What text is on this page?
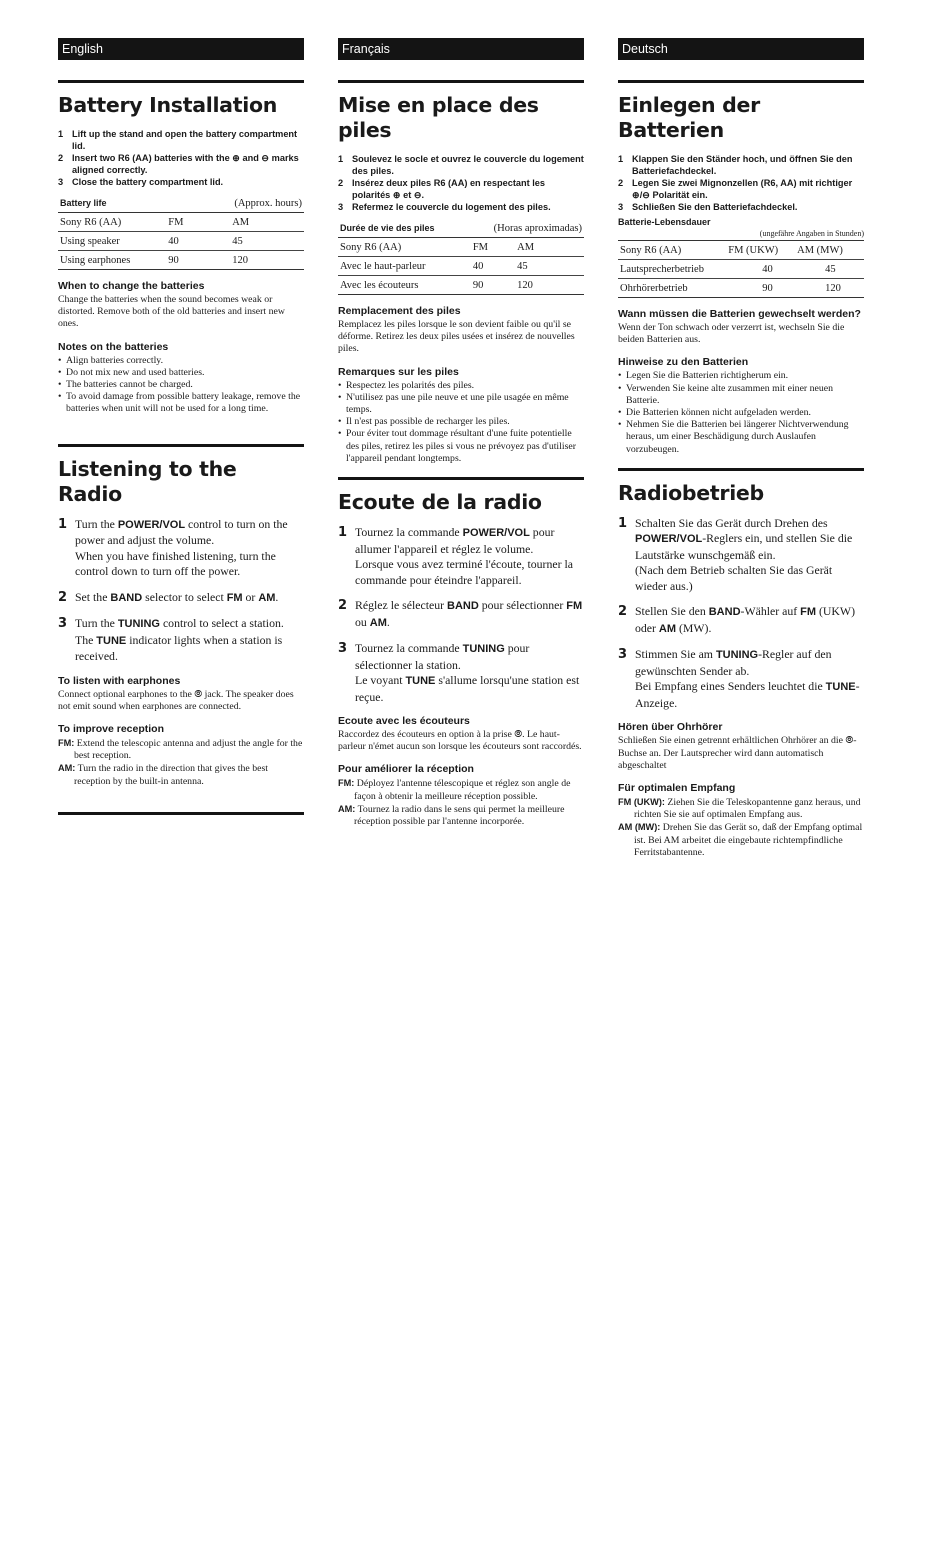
English
Battery Installation
1 Lift up the stand and open the battery compartment lid.
2 Insert two R6 (AA) batteries with the ⊕ and ⊖ marks aligned correctly.
3 Close the battery compartment lid.
Battery life	(Approx. hours)	
Sony R6 (AA)	FM	AM
Using speaker	40	45
Using earphones	90	120
When to change the batteries

Change the batteries when the sound becomes weak or distorted. Remove both of the old batteries and insert new ones.

Notes on the batteries
• Align batteries correctly.
• Do not mix new and used batteries.
• The batteries cannot be charged.
• To avoid damage from possible battery leakage, remove the batteries when unit will not be used for a long time.
Listening to the Radio
1 Turn the POWER/VOL control to turn on the power and adjust the volume.
When you have finished listening, turn the control down to turn off the power.
2 Set the BAND selector to select FM or AM.
3 Turn the TUNING control to select a station.
The TUNE indicator lights when a station is received.
To listen with earphones

Connect optional earphones to the ⦾ jack. The speaker does not emit sound when earphones are connected.

To improve reception
FM: Extend the telescopic antenna and adjust the angle for the best reception.
AM: Turn the radio in the direction that gives the best reception by the built-in antenna.
Français
Mise en place des piles
1 Soulevez le socle et ouvrez le couvercle du logement des piles.
2 Insérez deux piles R6 (AA) en respectant les polarités ⊕ et ⊖.
3 Refermez le couvercle du logement des piles.
Durée de vie des piles	(Horas aproximadas)	
Sony R6 (AA)	FM	AM
Avec le haut-parleur	40	45
Avec les écouteurs	90	120
Remplacement des piles

Remplacez les piles lorsque le son devient faible ou qu'il se déforme. Retirez les deux piles usées et insérez de nouvelles piles.

Remarques sur les piles
• Respectez les polarités des piles.
• N'utilisez pas une pile neuve et une pile usagée en même temps.
• Il n'est pas possible de recharger les piles.
• Pour éviter tout dommage résultant d'une fuite potentielle des piles, retirez les piles si vous ne prévoyez pas d'utiliser l'appareil pendant longtemps.
Ecoute de la radio
1 Tournez la commande POWER/VOL pour allumer l'appareil et réglez le volume.
Lorsque vous avez terminé l'écoute, tourner la commande pour éteindre l'appareil.
2 Réglez le sélecteur BAND pour sélectionner FM ou AM.
3 Tournez la commande TUNING pour sélectionner la station.
Le voyant TUNE s'allume lorsqu'une station est reçue.
Ecoute avec les écouteurs

Raccordez des écouteurs en option à la prise ⦾. Le haut-parleur n'émet aucun son lorsque les écouteurs sont raccordés.

Pour améliorer la réception
FM: Déployez l'antenne télescopique et réglez son angle de façon à obtenir la meilleure réception possible.
AM: Tournez la radio dans le sens qui permet la meilleure réception possible par l'antenne incorporée.
Deutsch
Einlegen der Batterien
1 Klappen Sie den Ständer hoch, und öffnen Sie den Batteriefachdeckel.
2 Legen Sie zwei Mignonzellen (R6, AA) mit richtiger ⊕/⊖ Polarität ein.
3 Schließen Sie den Batteriefachdeckel.
Batterie-Lebensdauer
(ungefähre Angaben in Stunden)
Sony R6 (AA)	FM (UKW)	AM (MW)
Lautsprecherbetrieb	40	45
Ohrhörerbetrieb	90	120
Wann müssen die Batterien gewechselt werden?

Wenn der Ton schwach oder verzerrt ist, wechseln Sie die beiden Batterien aus.

Hinweise zu den Batterien
• Legen Sie die Batterien richtigherum ein.
• Verwenden Sie keine alte zusammen mit einer neuen Batterie.
• Die Batterien können nicht aufgeladen werden.
• Nehmen Sie die Batterien bei längerer Nichtverwendung heraus, um einer Beschädigung durch Auslaufen vorzubeugen.
Radiobetrieb
1 Schalten Sie das Gerät durch Drehen des POWER/VOL-Reglers ein, und stellen Sie die Lautstärke wunschgemäß ein.
(Nach dem Betrieb schalten Sie das Gerät wieder aus.)
2 Stellen Sie den BAND-Wähler auf FM (UKW) oder AM (MW).
3 Stimmen Sie am TUNING-Regler auf den gewünschten Sender ab.
Bei Empfang eines Senders leuchtet die TUNE-Anzeige.
Hören über Ohrhörer

Schließen Sie einen getrennt erhältlichen Ohrhörer an die ⦾-Buchse an. Der Lautsprecher wird dann automatisch abgeschaltet

Für optimalen Empfang
FM (UKW): Ziehen Sie die Teleskopantenne ganz heraus, und richten Sie sie auf optimalen Empfang aus.
AM (MW): Drehen Sie das Gerät so, daß der Empfang optimal ist. Bei AM arbeitet die eingebaute richtempfindliche Ferritstabantenne.
